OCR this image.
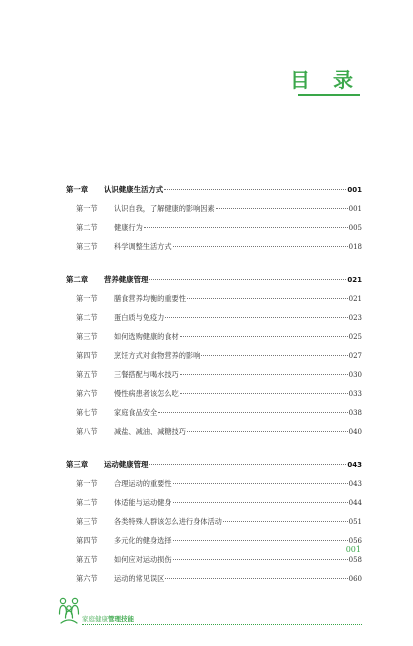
目 录
第一章	认识健康生活方式	001
第一节	认识自我，了解健康的影响因素	001
第二节	健康行为	005
第三节	科学调整生活方式	018
第二章	营养健康管理	021
第一节	膳食营养均衡的重要性	021
第二节	蛋白质与免疫力	023
第三节	如何选购健康的食材	025
第四节	烹饪方式对食物营养的影响	027
第五节	三餐搭配与喝水技巧	030
第六节	慢性病患者该怎么吃	033
第七节	家庭食品安全	038
第八节	减盐、减油、减糖技巧	040
第三章	运动健康管理	043
第一节	合理运动的重要性	043
第二节	体适能与运动健身	044
第三节	各类特殊人群该怎么进行身体活动	051
第四节	多元化的健身选择	056
第五节	如何应对运动损伤	058
第六节	运动的常见误区	060
001
家庭健康管理技能
